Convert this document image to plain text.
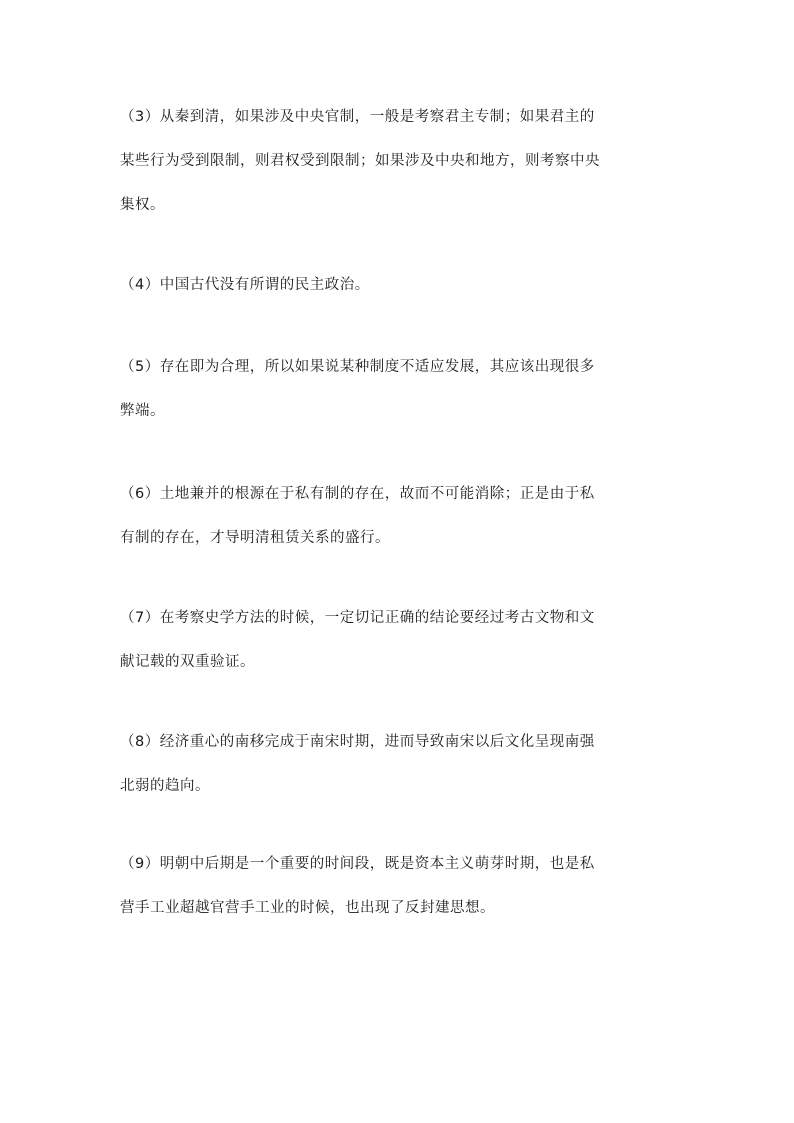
（3）从秦到清，如果涉及中央官制，一般是考察君主专制；如果君主的
某些行为受到限制，则君权受到限制；如果涉及中央和地方，则考察中央
集权。

（4）中国古代没有所谓的民主政治。

（5）存在即为合理，所以如果说某种制度不适应发展，其应该出现很多
弊端。

（6）土地兼并的根源在于私有制的存在，故而不可能消除；正是由于私
有制的存在，才导明清租赁关系的盛行。

（7）在考察史学方法的时候，一定切记正确的结论要经过考古文物和文
献记载的双重验证。

（8）经济重心的南移完成于南宋时期，进而导致南宋以后文化呈现南强
北弱的趋向。

（9）明朝中后期是一个重要的时间段，既是资本主义萌芽时期，也是私
营手工业超越官营手工业的时候，也出现了反封建思想。
